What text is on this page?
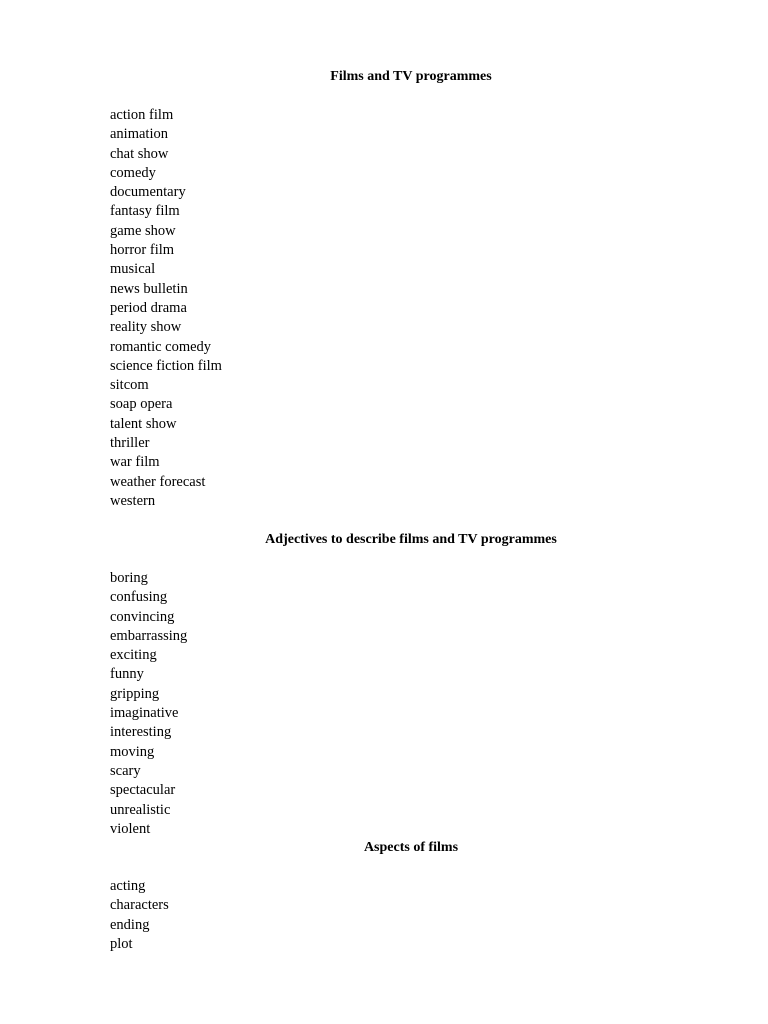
Films and TV programmes
action film
animation
chat show
comedy
documentary
fantasy film
game show
horror film
musical
news bulletin
period drama
reality show
romantic comedy
science fiction film
sitcom
soap opera
talent show
thriller
war film
weather forecast
western
Adjectives to describe films and TV programmes
boring
confusing
convincing
embarrassing
exciting
funny
gripping
imaginative
interesting
moving
scary
spectacular
unrealistic
violent
Aspects of films
acting
characters
ending
plot
